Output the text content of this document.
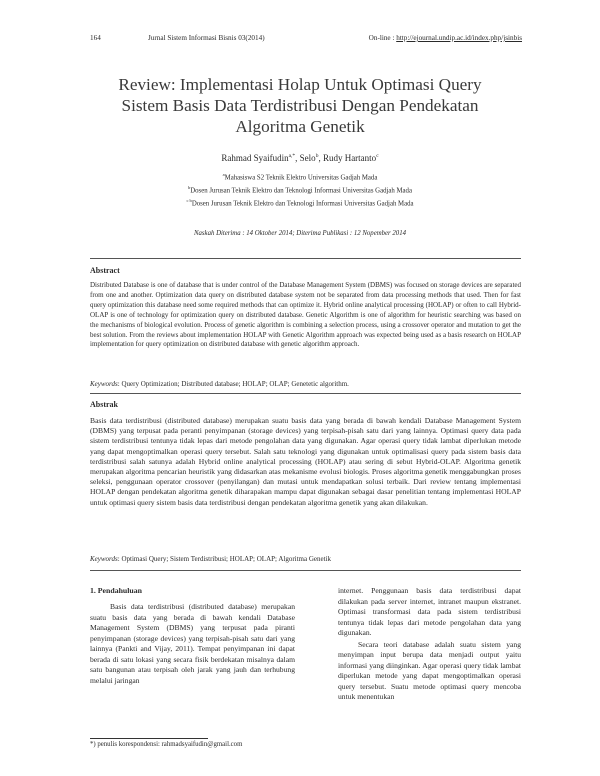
164	Jurnal Sistem Informasi Bisnis 03(2014)	On-line : http://ejournal.undip.ac.id/index.php/jsinbis
Review: Implementasi Holap Untuk Optimasi Query
Sistem Basis Data Terdistribusi Dengan Pendekatan
Algoritma Genetik
Rahmad Syaifudin$^{a,*}$, Selo$^b$, Rudy Hartanto$^c$
$^a$Mahasiswa S2 Teknik Elektro Universitas Gadjah Mada
$^b$Dosen Jurusan Teknik Elektro dan Teknologi Informasi Universitas Gadjah Mada
$^{c b}$Dosen Jurusan Teknik Elektro dan Teknologi Informasi Universitas Gadjah Mada
Naskah Diterima : 14 Oktober 2014; Diterima Publikasi : 12 Nopember 2014
Abstract
Distributed Database is one of database that is under control of the Database Management System (DBMS) was focused on storage devices are separated from one and another. Optimization data query on distributed database system not be separated from data processing methods that used. Then for fast query optimization this database need some required methods that can optimize it. Hybrid online analytical processing (HOLAP) or often to call Hybrid-OLAP is one of technology for optimization query on distributed database. Genetic Algorithm is one of algorithm for heuristic searching was based on the mechanisms of biological evolution. Process of genetic algorithm is combining a selection process, using a crossover operator and mutation to get the best solution. From the reviews about implementation HOLAP with Genetic Algorithm approach was expected being used as a basis research on HOLAP implementation for query optimization on distributed database with genetic algorithm approach.
Keywords: Query Optimization; Distributed database; HOLAP; OLAP; Genetetic algorithm.
Abstrak
Basis data terdistribusi (distributed database) merupakan suatu basis data yang berada di bawah kendali Database Management System (DBMS) yang terpusat pada peranti penyimpanan (storage devices) yang terpisah-pisah satu dari yang lainnya. Optimasi query data pada sistem terdistribusi tentunya tidak lepas dari metode pengolahan data yang digunakan. Agar operasi query tidak lambat diperlukan metode yang dapat mengoptimalkan operasi query tersebut. Salah satu teknologi yang digunakan untuk optimalisasi query pada sistem basis data terdistribusi salah satunya adalah Hybrid online analytical processing (HOLAP) atau sering di sebut Hybrid-OLAP. Algoritma genetik merupakan algoritma pencarian heuristik yang didasarkan atas mekanisme evolusi biologis. Proses algoritma genetik menggabungkan proses seleksi, penggunaan operator crossover (penyilangan) dan mutasi untuk mendapatkan solusi terbaik. Dari review tentang implementasi HOLAP dengan pendekatan algoritma genetik diharapakan mampu dapat digunakan sebagai dasar penelitian tentang implementasi HOLAP untuk optimasi query sistem basis data terdistribusi dengan pendekatan algoritma genetik yang akan dilakukan.
Keywords: Optimasi Query; Sistem Terdistribusi; HOLAP; OLAP; Algoritma Genetik
1. Pendahuluan

Basis data terdistribusi (distributed database) merupakan suatu basis data yang berada di bawah kendali Database Management System (DBMS) yang terpusat pada piranti penyimpanan (storage devices) yang terpisah-pisah satu dari yang lainnya (Pankti and Vijay, 2011). Tempat penyimpanan ini dapat berada di satu lokasi yang secara fisik berdekatan misalnya dalam satu bangunan atau terpisah oleh jarak yang jauh dan terhubung melalui jaringan

internet. Penggunaan basis data terdistribusi dapat dilakukan pada server internet, intranet maupun ekstranet. Optimasi transformasi data pada sistem terdistribusi tentunya tidak lepas dari metode pengolahan data yang digunakan.

Secara teori database adalah suatu sistem yang menyimpan input berupa data menjadi output yaitu informasi yang diinginkan. Agar operasi query tidak lambat diperlukan metode yang dapat mengoptimalkan operasi query tersebut. Suatu metode optimasi query mencoba untuk menentukan

*) penulis korespondensi: rahmadsyaifudin@gmail.com
